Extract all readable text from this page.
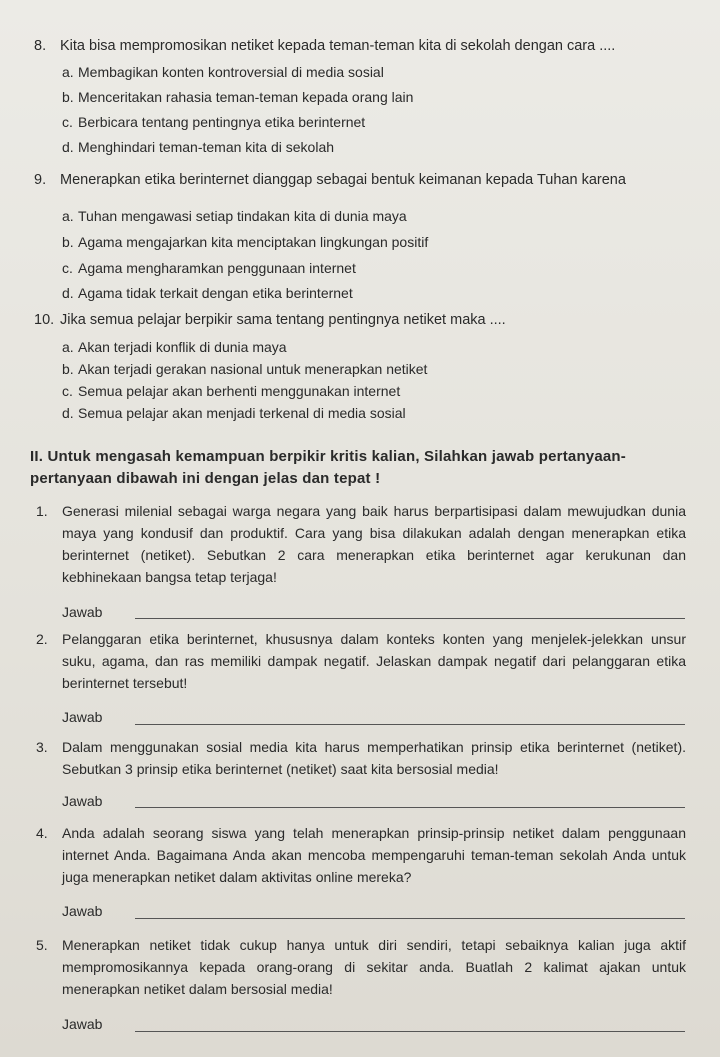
8. Kita bisa mempromosikan netiket kepada teman-teman kita di sekolah dengan cara ....
a. Membagikan konten kontroversial di media sosial
b. Menceritakan rahasia teman-teman kepada orang lain
c. Berbicara tentang pentingnya etika berinternet
d. Menghindari teman-teman kita di sekolah
9. Menerapkan etika berinternet dianggap sebagai bentuk keimanan kepada Tuhan karena
a. Tuhan mengawasi setiap tindakan kita di dunia maya
b. Agama mengajarkan kita menciptakan lingkungan positif
c. Agama mengharamkan penggunaan internet
d. Agama tidak terkait dengan etika berinternet
10. Jika semua pelajar berpikir sama tentang pentingnya netiket maka ....
a. Akan terjadi konflik di dunia maya
b. Akan terjadi gerakan nasional untuk menerapkan netiket
c. Semua pelajar akan berhenti menggunakan internet
d. Semua pelajar akan menjadi terkenal di media sosial
II. Untuk mengasah kemampuan berpikir kritis kalian, Silahkan jawab pertanyaan-pertanyaan dibawah ini dengan jelas dan tepat !
1.	Generasi milenial sebagai warga negara yang baik harus berpartisipasi dalam mewujudkan dunia maya yang kondusif dan produktif. Cara yang bisa dilakukan adalah dengan menerapkan etika berinternet (netiket). Sebutkan 2 cara menerapkan etika berinternet agar kerukunan dan kebhinekaan bangsa tetap terjaga!
Jawab
2.	Pelanggaran etika berinternet, khususnya dalam konteks konten yang menjelek-jelekkan unsur suku, agama, dan ras memiliki dampak negatif. Jelaskan dampak negatif dari pelanggaran etika berinternet tersebut!
Jawab
3.	Dalam menggunakan sosial media kita harus memperhatikan prinsip etika berinternet (netiket). Sebutkan 3 prinsip etika berinternet (netiket) saat kita bersosial media!
Jawab
4.	Anda adalah seorang siswa yang telah menerapkan prinsip-prinsip netiket dalam penggunaan internet Anda. Bagaimana Anda akan mencoba mempengaruhi teman-teman sekolah Anda untuk juga menerapkan netiket dalam aktivitas online mereka?
Jawab
5.	Menerapkan netiket tidak cukup hanya untuk diri sendiri, tetapi sebaiknya kalian juga aktif mempromosikannya kepada orang-orang di sekitar anda. Buatlah 2 kalimat ajakan untuk menerapkan netiket dalam bersosial media!
Jawab
